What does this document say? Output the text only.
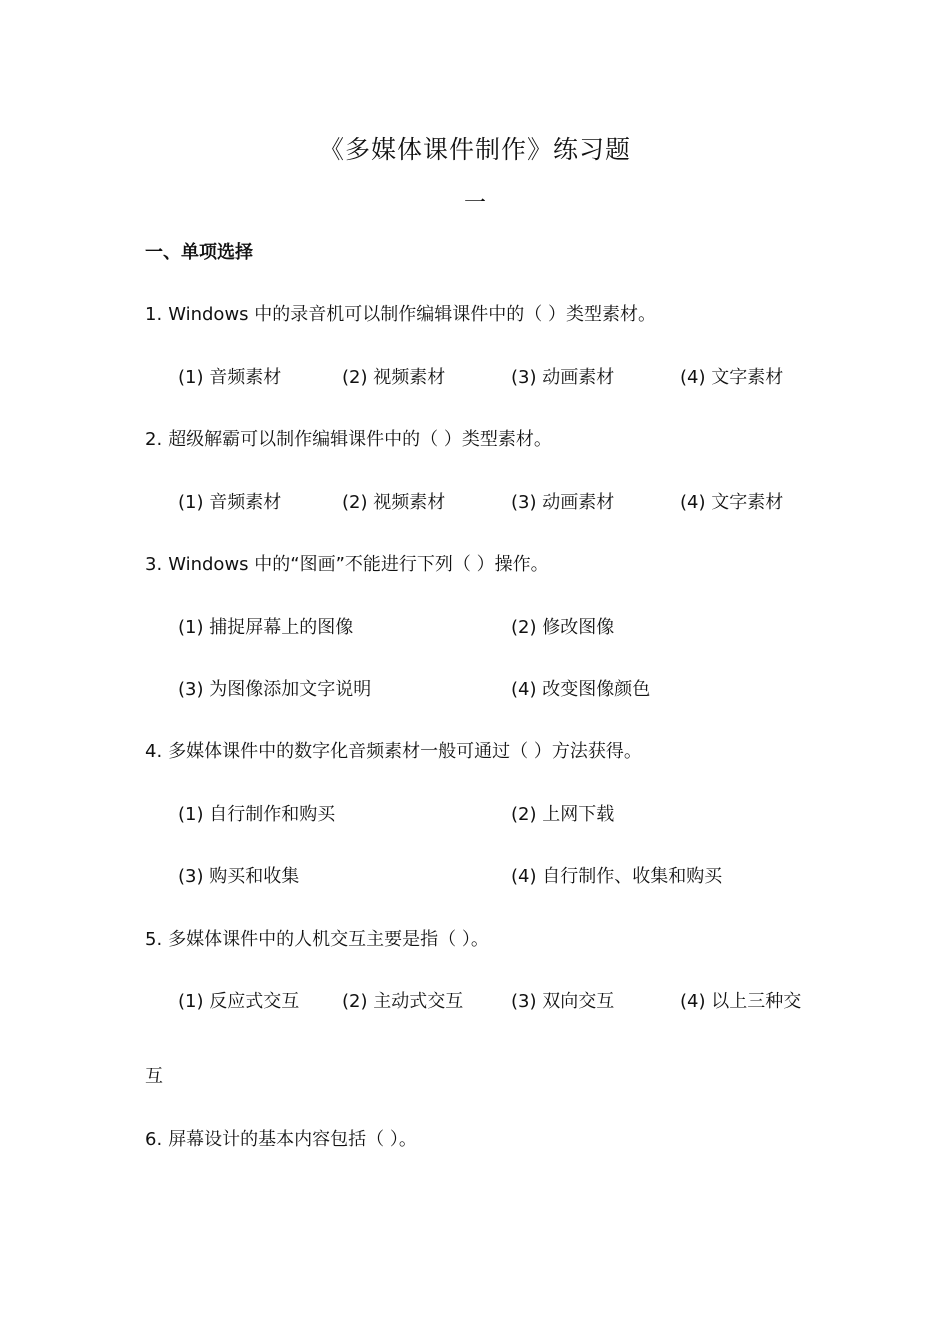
《多媒体课件制作》练习题
一
一、单项选择
1. Windows 中的录音机可以制作编辑课件中的（ ）类型素材。
(1) 音频素材	(2) 视频素材	(3) 动画素材	(4) 文字素材
2. 超级解霸可以制作编辑课件中的（ ）类型素材。
(1) 音频素材	(2) 视频素材	(3) 动画素材	(4) 文字素材
3. Windows 中的“图画”不能进行下列（ ）操作。
(1) 捕捉屏幕上的图像	(2) 修改图像
(3) 为图像添加文字说明	(4) 改变图像颜色
4. 多媒体课件中的数字化音频素材一般可通过（ ）方法获得。
(1) 自行制作和购买	(2) 上网下载
(3) 购买和收集	(4) 自行制作、收集和购买
5. 多媒体课件中的人机交互主要是指（ ）。
(1) 反应式交互 (2) 主动式交互	(3) 双向交互	(4) 以上三种交
互
6. 屏幕设计的基本内容包括（ ）。
